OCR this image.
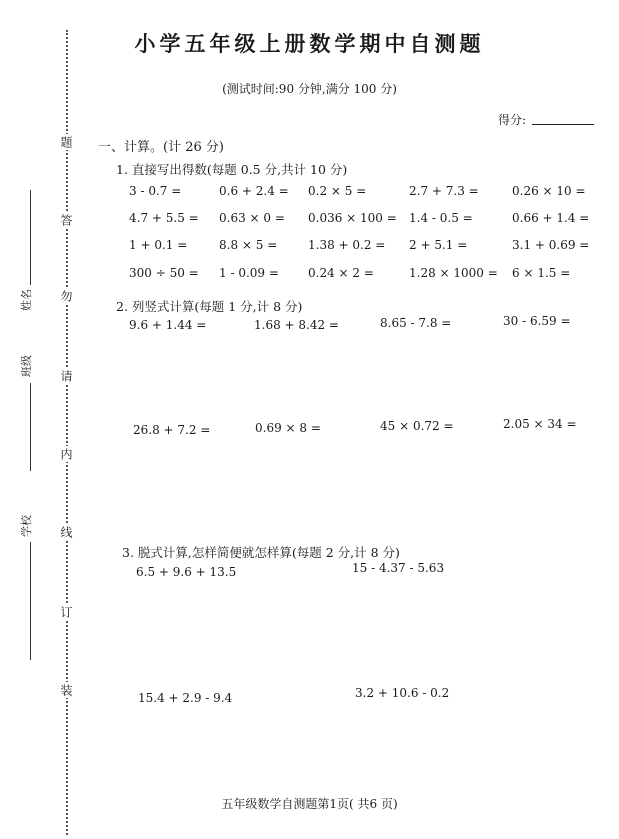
题
答
勿
请
内
线
订
装
姓名
班级
学校
小学五年级上册数学期中自测题
(测试时间:90 分钟,满分 100 分)
得分:
一、计算。(计 26 分)
1. 直接写出得数(每题 0.5 分,共计 10 分)
3 - 0.7 =	0.6 + 2.4 = 0.2 × 5 =	2.7 + 7.3 =	0.26 × 10 =
4.7 + 5.5 = 0.63 × 0 = 0.036 × 100 = 1.4 - 0.5 =	0.66 + 1.4 =
1 + 0.1 =	8.8 × 5 =	1.38 + 0.2 = 2 + 5.1 =	3.1 + 0.69 =
300 ÷ 50 = 1 - 0.09 = 0.24 × 2 =	1.28 × 1000 = 6 × 1.5 =
2. 列竖式计算(每题 1 分,计 8 分)
9.6 + 1.44 =	1.68 + 8.42 =	8.65 - 7.8 =	30 - 6.59 =
26.8 + 7.2 =	0.69 × 8 =	45 × 0.72 =	2.05 × 34 =
3. 脱式计算,怎样简便就怎样算(每题 2 分,计 8 分)
6.5 + 9.6 + 13.5	15 - 4.37 - 5.63
15.4 + 2.9 - 9.4	3.2 + 10.6 - 0.2
五年级数学自测题第1页( 共6 页)
